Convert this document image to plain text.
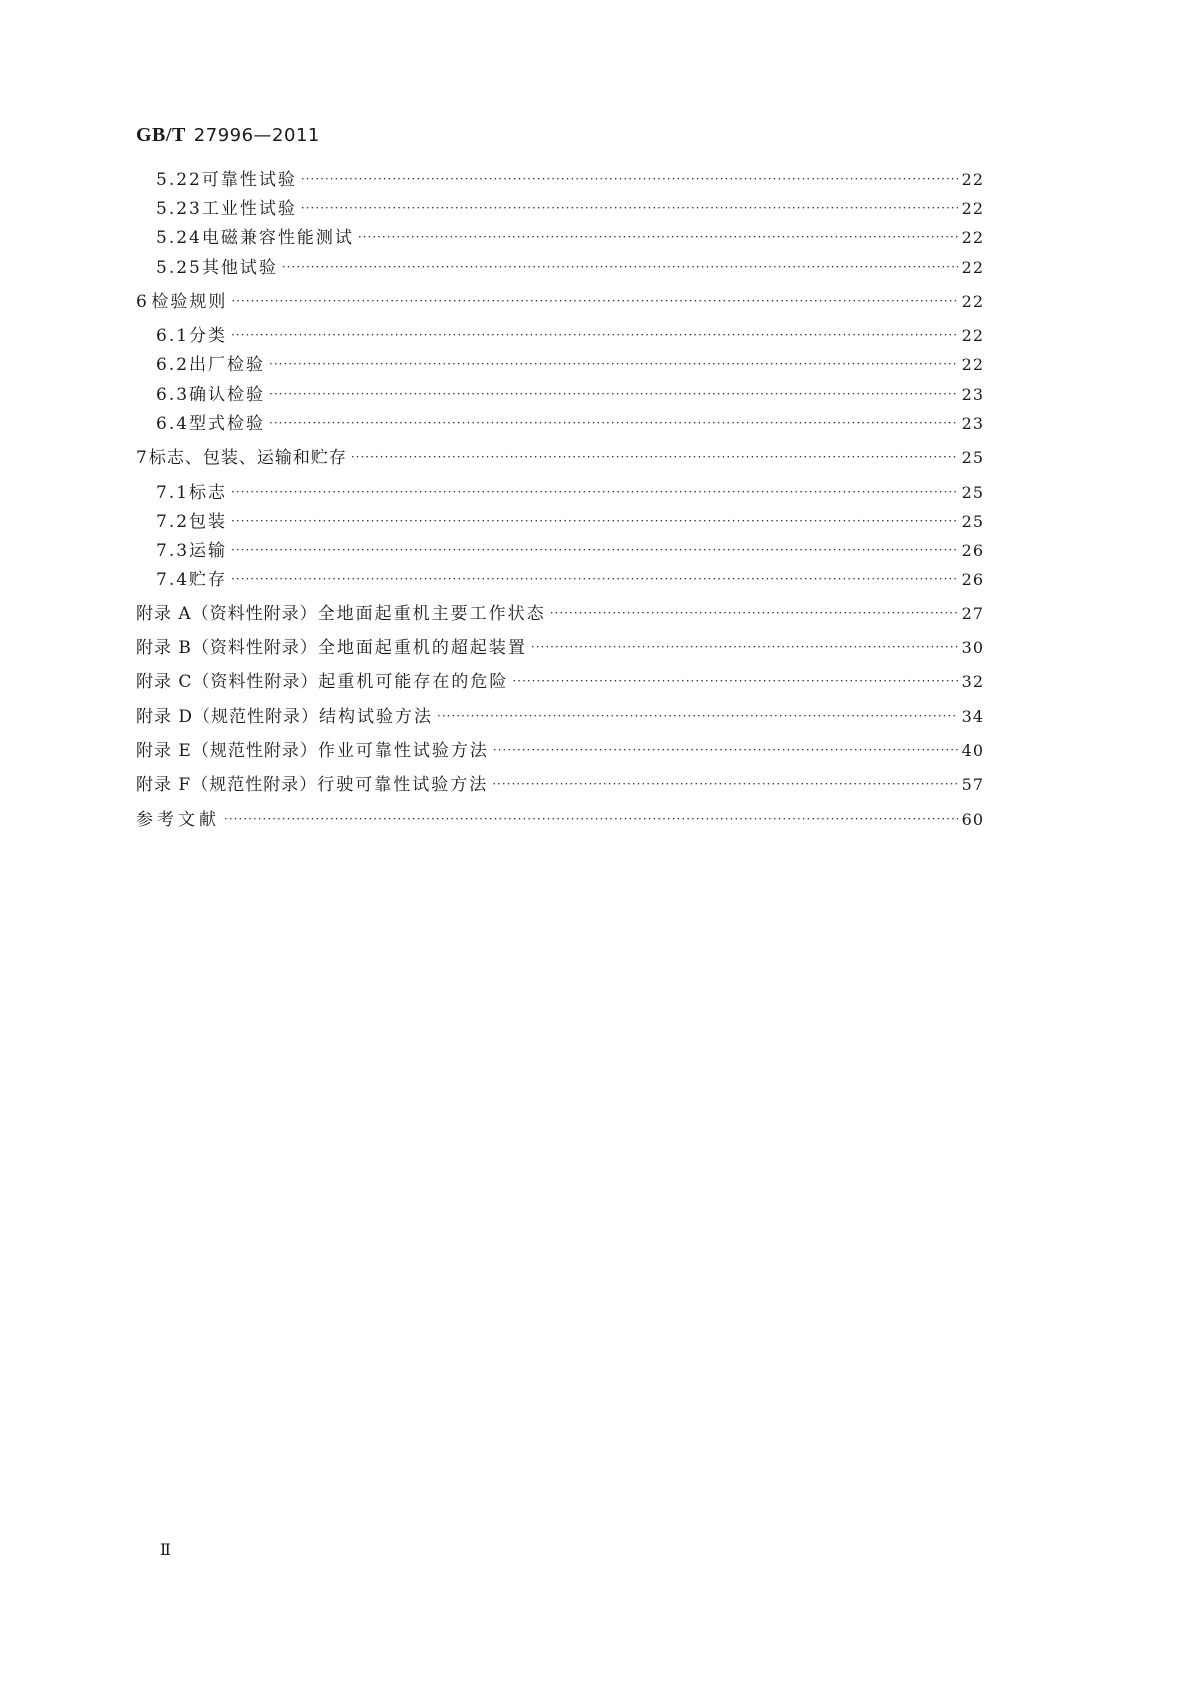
GB/T 27996—2011
5.22 可靠性试验 ·····	22
5.23 工业性试验 ·····	22
5.24 电磁兼容性能测试 ·····	22
5.25 其他试验 ·····	22
6 检验规则 ·····	22
6.1 分类 ·····	22
6.2 出厂检验 ·····	22
6.3 确认检验 ·····	23
6.4 型式检验 ·····	23
7 标志、包装、运输和贮存 ·····	25
7.1 标志 ·····	25
7.2 包装 ·····	25
7.3 运输 ·····	26
7.4 贮存 ·····	26
附录 A（资料性附录） 全地面起重机主要工作状态 ·····	27
附录 B（资料性附录） 全地面起重机的超起装置 ·····	30
附录 C（资料性附录） 起重机可能存在的危险 ·····	32
附录 D（规范性附录） 结构试验方法 ·····	34
附录 E（规范性附录） 作业可靠性试验方法 ·····	40
附录 F（规范性附录） 行驶可靠性试验方法 ·····	57
参考文献 ·····	60
Ⅱ
